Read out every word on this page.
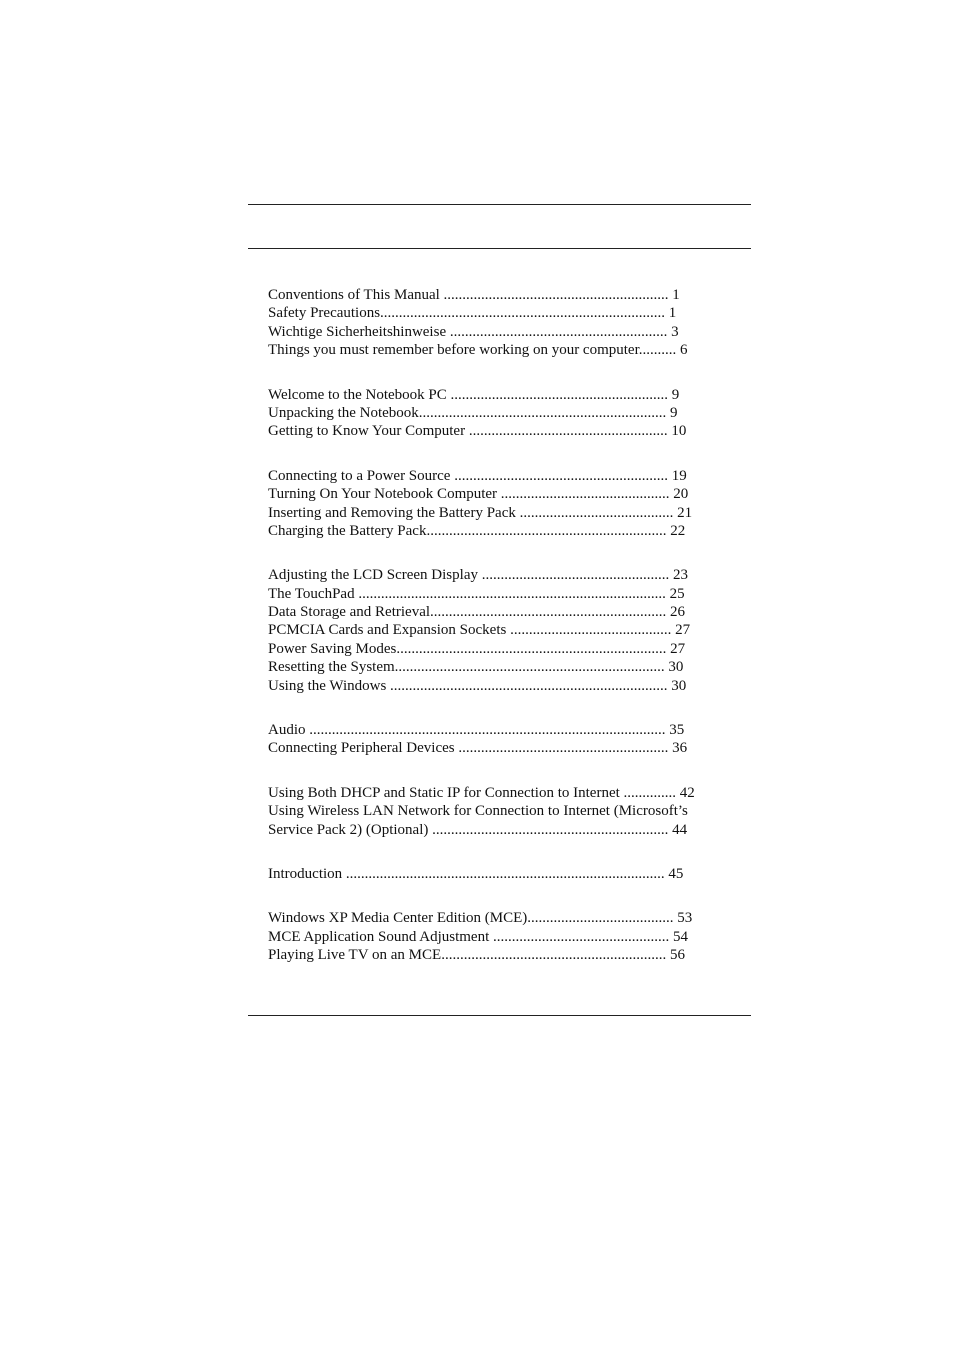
Conventions of This Manual ............................................................ 1
Safety Precautions............................................................................ 1
Wichtige Sicherheitshinweise .......................................................... 3
Things you must remember before working on your computer.......... 6
Welcome to the Notebook PC .......................................................... 9
Unpacking the Notebook.................................................................. 9
Getting to Know Your Computer ..................................................... 10
Connecting to a Power Source ......................................................... 19
Turning On Your Notebook Computer ............................................. 20
Inserting and Removing the Battery Pack ......................................... 21
Charging the Battery Pack................................................................ 22
Adjusting the LCD Screen Display .................................................. 23
The TouchPad .................................................................................. 25
Data Storage and Retrieval............................................................... 26
PCMCIA Cards and Expansion Sockets ........................................... 27
Power Saving Modes........................................................................ 27
Resetting the System........................................................................ 30
Using the Windows .......................................................................... 30
Audio ............................................................................................... 35
Connecting Peripheral Devices ........................................................ 36
Using Both DHCP and Static IP for Connection to Internet .............. 42
Using Wireless LAN Network for Connection to Internet (Microsoft’s
Service Pack 2) (Optional) ............................................................... 44
Introduction ..................................................................................... 45
Windows XP Media Center Edition (MCE)....................................... 53
MCE Application Sound Adjustment ............................................... 54
Playing Live TV on an MCE............................................................ 56
